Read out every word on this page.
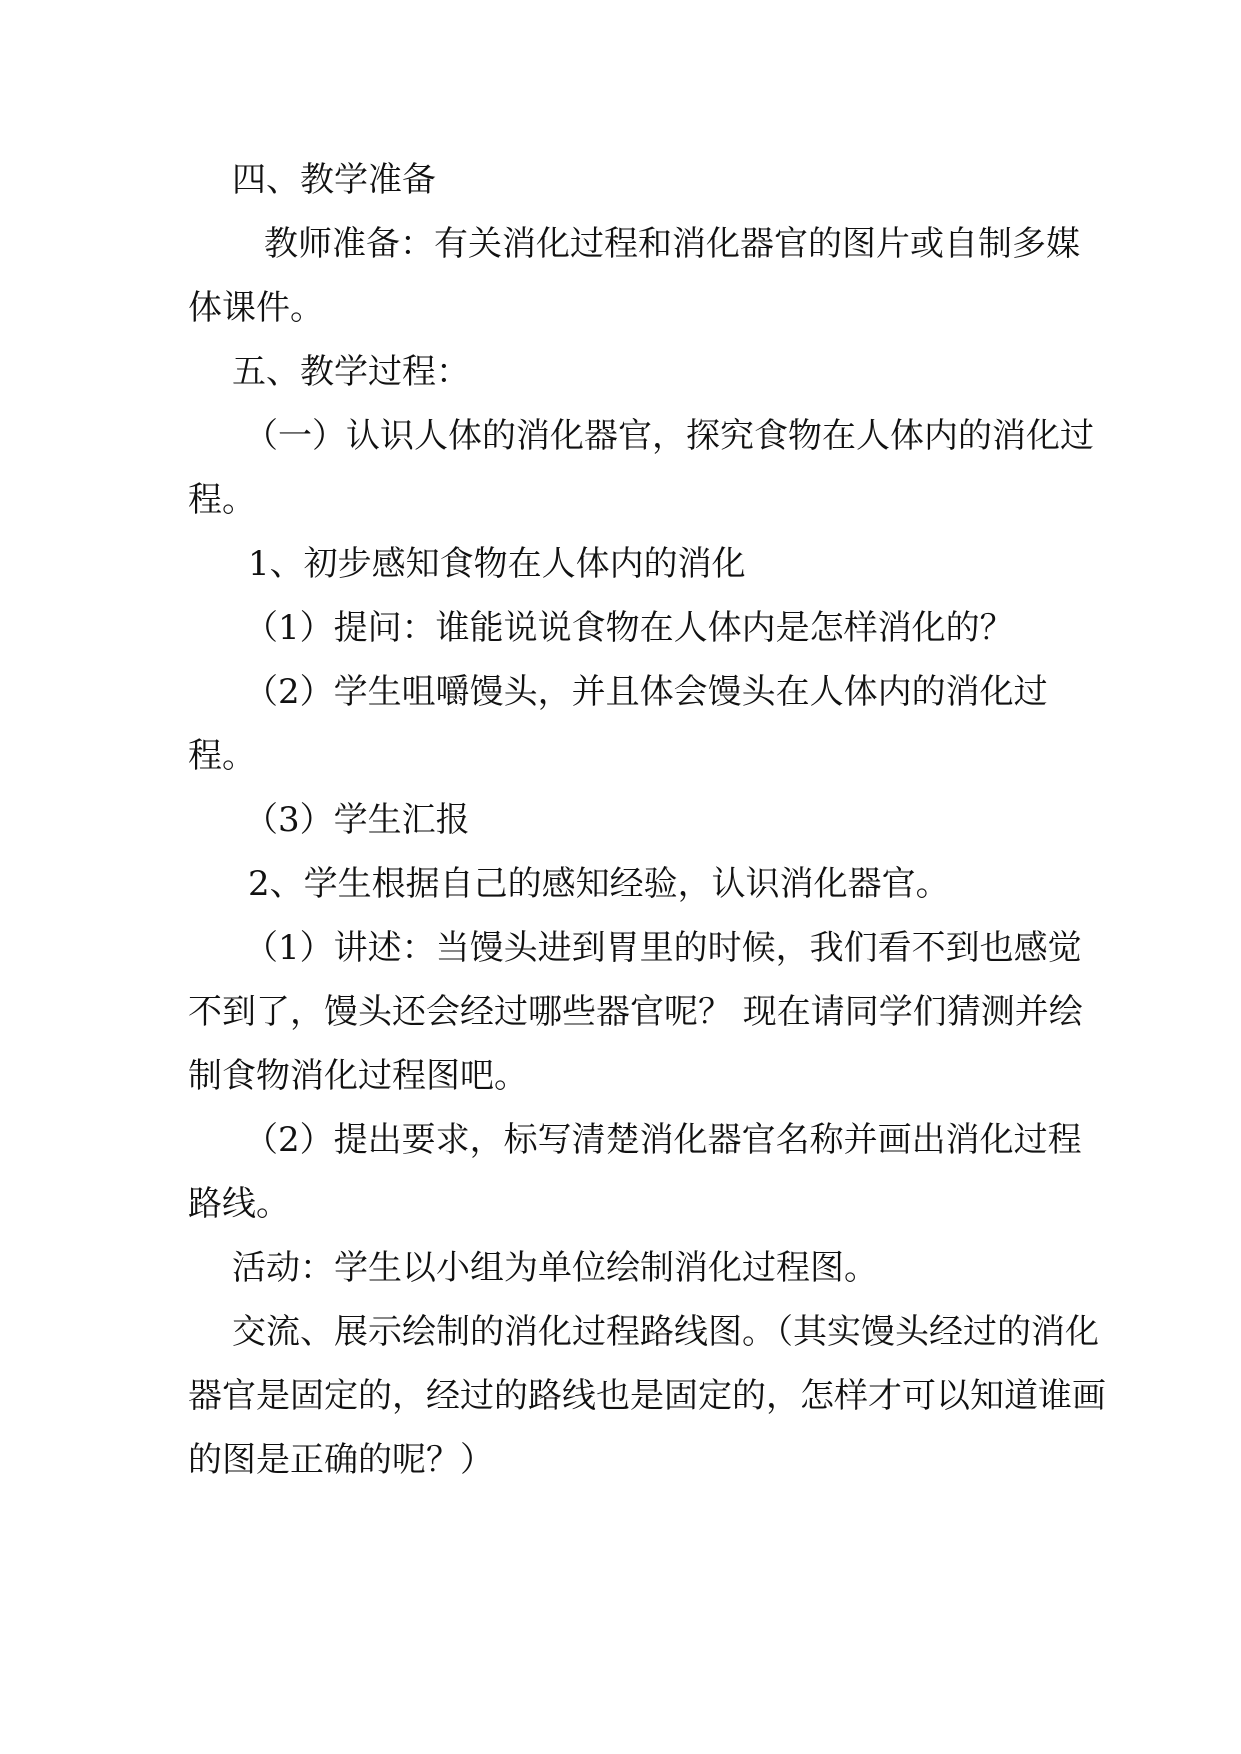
四、教学准备

教师准备：有关消化过程和消化器官的图片或自制多媒体课件。

五、教学过程：

（一）认识人体的消化器官，探究食物在人体内的消化过程。

1、初步感知食物在人体内的消化

（1）提问：谁能说说食物在人体内是怎样消化的？

（2）学生咀嚼馒头，并且体会馒头在人体内的消化过程。

（3）学生汇报

2、学生根据自己的感知经验，认识消化器官。

（1）讲述：当馒头进到胃里的时候，我们看不到也感觉不到了，馒头还会经过哪些器官呢？ 现在请同学们猜测并绘制食物消化过程图吧。

（2）提出要求，标写清楚消化器官名称并画出消化过程路线。

活动：学生以小组为单位绘制消化过程图。

交流、展示绘制的消化过程路线图。（其实馒头经过的消化器官是固定的，经过的路线也是固定的，怎样才可以知道谁画的图是正确的呢？）
